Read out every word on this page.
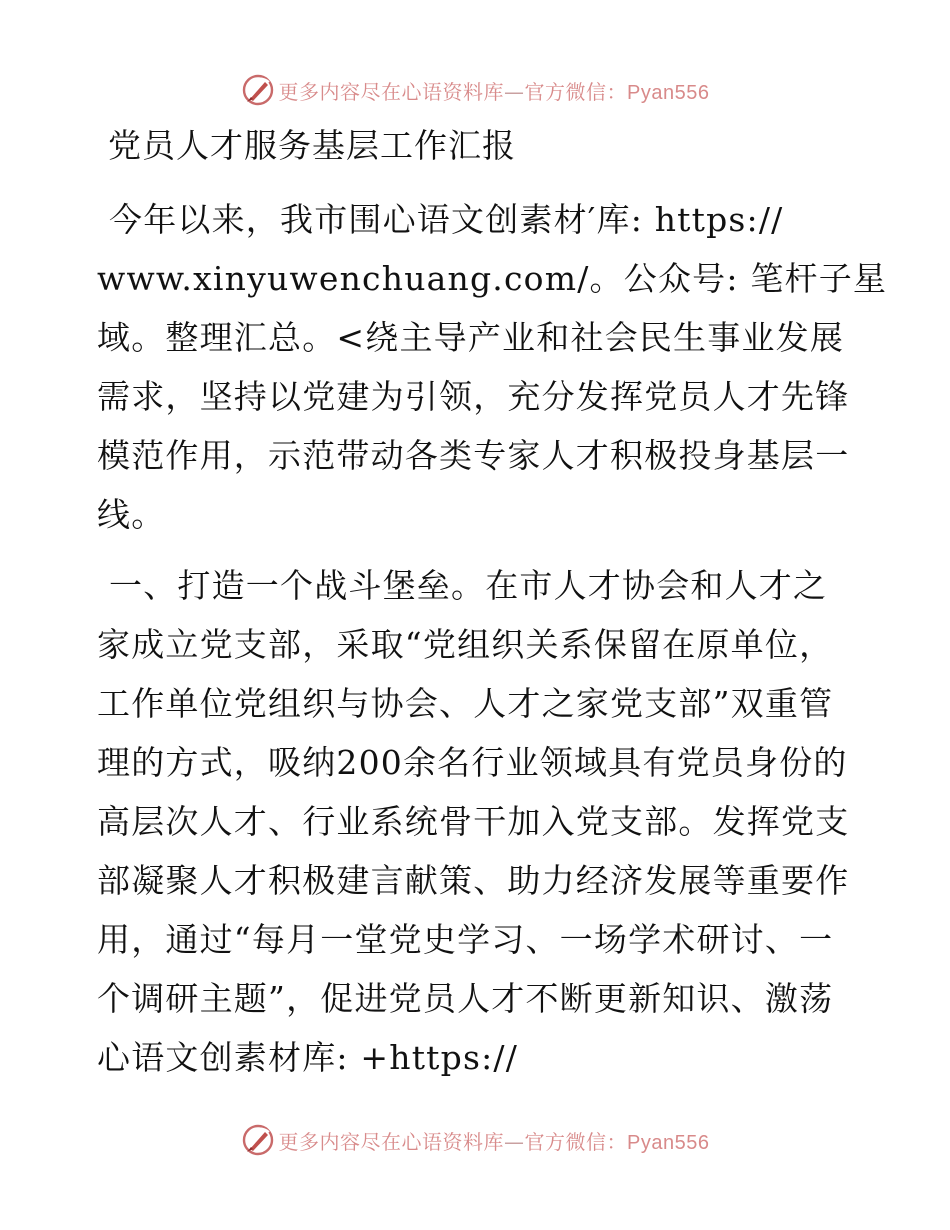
更多内容尽在心语资料库—官方微信：Pyan556
党员人才服务基层工作汇报
今年以来，我市围心语文创素材′库: https://
www.xinyuwenchuang.com/。公众号: 笔杆子星
域。整理汇总。<绕主导产业和社会民生事业发展
需求，坚持以党建为引领，充分发挥党员人才先锋
模范作用，示范带动各类专家人才积极投身基层一
线。
一、打造一个战斗堡垒。在市人才协会和人才之
家成立党支部，采取“党组织关系保留在原单位，
工作单位党组织与协会、人才之家党支部”双重管
理的方式，吸纳200余名行业领域具有党员身份的
高层次人才、行业系统骨干加入党支部。发挥党支
部凝聚人才积极建言献策、助力经济发展等重要作
用，通过“每月一堂党史学习、一场学术研讨、一
个调研主题”，促进党员人才不断更新知识、激荡
心语文创素材库: +https://
更多内容尽在心语资料库—官方微信：Pyan556
